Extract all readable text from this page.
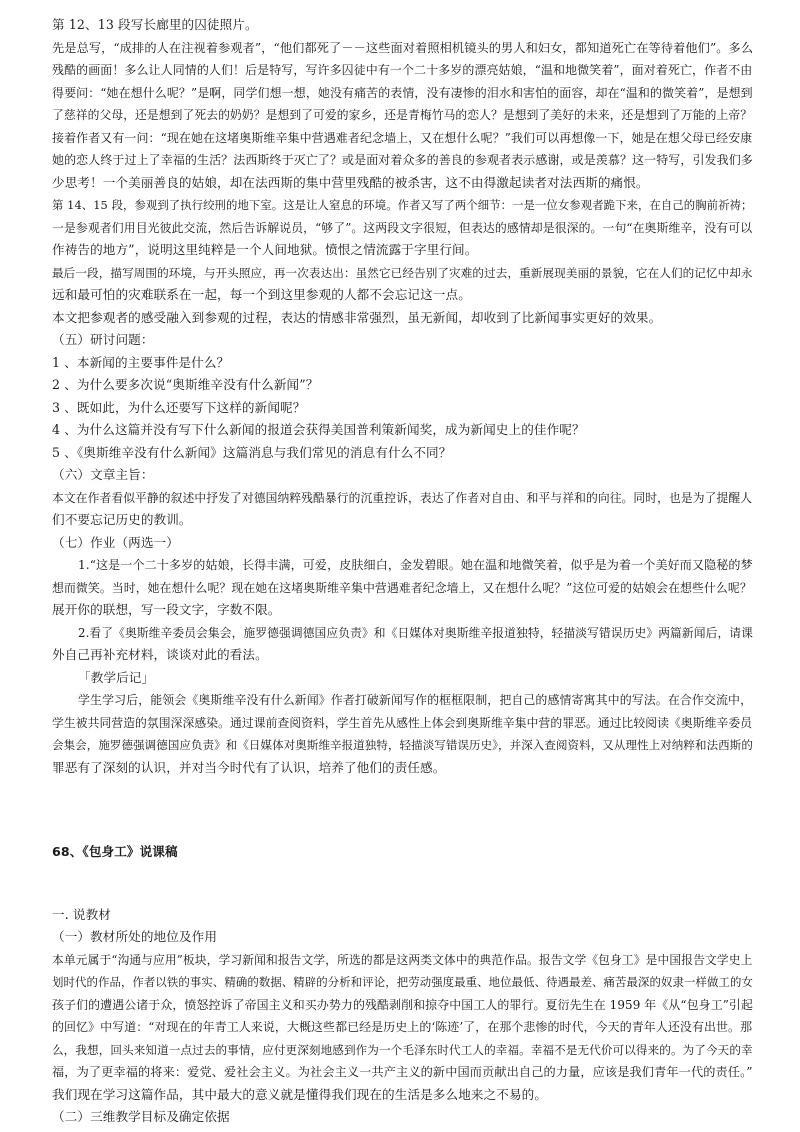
第 12、13 段写长廊里的囚徒照片。
先是总写，“成排的人在注视着参观者”，“他们都死了－－这些面对着照相机镜头的男人和妇女，都知道死亡在等待着他们”。多么
残酷的画面！多么让人同情的人们！后是特写，写许多囚徒中有一个二十多岁的漂亮姑娘，“温和地微笑着”，面对着死亡，作者不由
得要问：“她在想什么呢？”是啊，同学们想一想，她没有痛苦的表情，没有凄惨的泪水和害怕的面容，却在“温和的微笑着”，是想到
了慈祥的父母，还是想到了死去的奶奶？是想到了可爱的家乡，还是青梅竹马的恋人？是想到了美好的未来，还是想到了万能的上帝？
接着作者又有一问：“现在她在这堵奥斯维辛集中营遇难者纪念墙上，又在想什么呢？”我们可以再想像一下，她是在想父母已经安康
她的恋人终于过上了幸福的生活？法西斯终于灭亡了？或是面对着众多的善良的参观者表示感谢，或是羡慕？这一特写，引发我们多
少思考！一个美丽善良的姑娘，却在法西斯的集中营里残酷的被杀害，这不由得激起读者对法西斯的痛恨。
第 14、15 段，参观到了执行绞刑的地下室。这是让人窒息的环境。作者又写了两个细节：一是一位女参观者跪下来，在自己的胸前祈祷；
一是参观者们用目光彼此交流，然后告诉解说员，“够了”。这两段文字很短，但表达的感情却是很深的。一句“在奥斯维辛，没有可以
作祷告的地方”，说明这里纯粹是一个人间地狱。愤恨之情流露于字里行间。
最后一段，描写周围的环境，与开头照应，再一次表达出：虽然它已经告别了灾难的过去，重新展现美丽的景貌，它在人们的记忆中却永
远和最可怕的灾难联系在一起，每一个到这里参观的人都不会忘记这一点。
本文把参观者的感受融入到参观的过程，表达的情感非常强烈，虽无新闻，却收到了比新闻事实更好的效果。
（五）研讨问题：
1 、本新闻的主要事件是什么？
2 、为什么要多次说“奥斯维辛没有什么新闻”？
3 、既如此，为什么还要写下这样的新闻呢？
4 、为什么这篇并没有写下什么新闻的报道会获得美国普利策新闻奖，成为新闻史上的佳作呢？
5 、《奥斯维辛没有什么新闻》这篇消息与我们常见的消息有什么不同？
（六）文章主旨：
本文在作者看似平静的叙述中抒发了对德国纳粹残酷暴行的沉重控诉，表达了作者对自由、和平与祥和的向往。同时，也是为了提醒人
们不要忘记历史的教训。
（七）作业（两选一）
1.“这是一个二十多岁的姑娘，长得丰满，可爱，皮肤细白，金发碧眼。她在温和地微笑着，似乎是为着一个美好而又隐秘的梦
想而微笑。当时，她在想什么呢？现在她在这堵奥斯维辛集中营遇难者纪念墙上，又在想什么呢？”这位可爱的姑娘会在想些什么呢？
展开你的联想，写一段文字，字数不限。
2.看了《奥斯维辛委员会集会，施罗德强调德国应负责》和《日媒体对奥斯维辛报道独特，轻描淡写错误历史》两篇新闻后，请课
外自己再补充材料，谈谈对此的看法。
「教学后记」
学生学习后，能领会《奥斯维辛没有什么新闻》作者打破新闻写作的框框限制，把自己的感情寄寓其中的写法。在合作交流中，
学生被共同营造的氛围深深感染。通过课前查阅资料，学生首先从感性上体会到奥斯维辛集中营的罪恶。通过比较阅读《奥斯维辛委员
会集会，施罗德强调德国应负责》和《日媒体对奥斯维辛报道独特，轻描淡写错误历史》，并深入查阅资料，又从理性上对纳粹和法西斯的
罪恶有了深刻的认识，并对当今时代有了认识，培养了他们的责任感。
68、《包身工》说课稿
一. 说教材
（一）教材所处的地位及作用
本单元属于“沟通与应用”板块，学习新闻和报告文学，所选的都是这两类文体中的典范作品。报告文学《包身工》是中国报告文学史上
划时代的作品，作者以铁的事实、精确的数据、精辟的分析和评论，把劳动强度最重、地位最低、待遇最差、痛苦最深的奴隶一样做工的女
孩子们的遭遇公诸于众，愤怒控诉了帝国主义和买办势力的残酷剥削和掠夺中国工人的罪行。夏衍先生在 1959 年《从“包身工”引起
的回忆》中写道：“对现在的年青工人来说，大概这些都已经是历史上的‘陈迹’了，在那个悲惨的时代，今天的青年人还没有出世。那
么，我想，回头来知道一点过去的事情，应付更深刻地感到作为一个毛泽东时代工人的幸福。幸福不是无代价可以得来的。为了今天的幸
福，为了更幸福的将来：爱党、爱社会主义。为社会主义一共产主义的新中国而贡献出自己的力量，应该是我们青年一代的责任。”
我们现在学习这篇作品，其中最大的意义就是懂得我们现在的生活是多么地来之不易的。
（二）三维教学目标及确定依据
